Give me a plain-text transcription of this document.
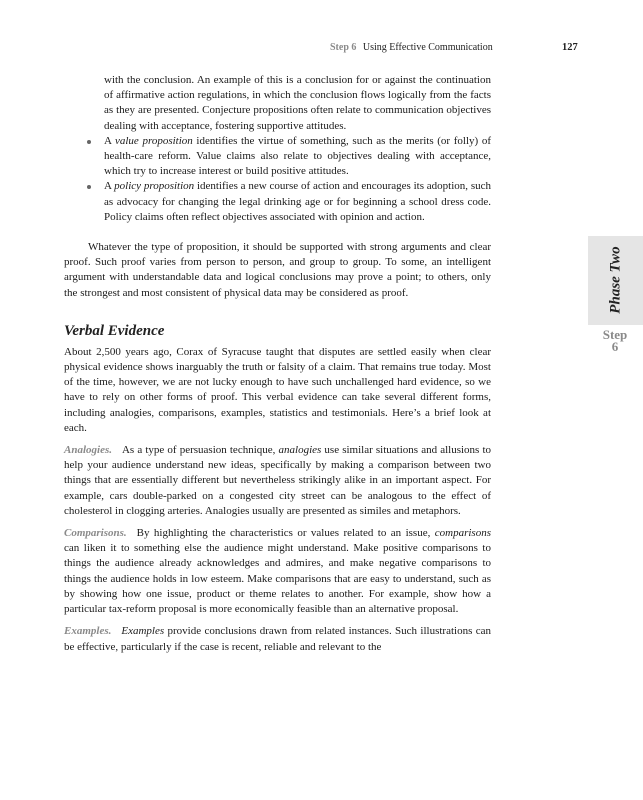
Step 6 Using Effective Communication	127
Phase Two
Step
6

with the conclusion. An example of this is a conclusion for or against the continuation of affirmative action regulations, in which the conclusion flows logically from the facts as they are presented. Conjecture propositions often relate to communication objectives dealing with acceptance, fostering supportive attitudes.

A value proposition identifies the virtue of something, such as the merits (or folly) of health-care reform. Value claims also relate to objectives dealing with acceptance, which try to increase interest or build positive attitudes.
A policy proposition identifies a new course of action and encourages its adoption, such as advocacy for changing the legal drinking age or for beginning a school dress code. Policy claims often reflect objectives associated with opinion and action.

Whatever the type of proposition, it should be supported with strong arguments and clear proof. Such proof varies from person to person, and group to group. To some, an intelligent argument with understandable data and logical conclusions may prove a point; to others, only the strongest and most consistent of physical data may be considered as proof.

Verbal Evidence

About 2,500 years ago, Corax of Syracuse taught that disputes are settled easily when clear physical evidence shows inarguably the truth or falsity of a claim. That remains true today. Most of the time, however, we are not lucky enough to have such unchallenged hard evidence, so we have to rely on other forms of proof. This verbal evidence can take several different forms, including analogies, comparisons, examples, statistics and testimonials. Here’s a brief look at each.

Analogies. As a type of persuasion technique, analogies use similar situations and allusions to help your audience understand new ideas, specifically by making a comparison between two things that are essentially different but nevertheless strikingly alike in an important aspect. For example, cars double-parked on a congested city street can be analogous to the effect of cholesterol in clogging arteries. Analogies usually are presented as similes and metaphors.

Comparisons. By highlighting the characteristics or values related to an issue, comparisons can liken it to something else the audience might understand. Make positive comparisons to things the audience already acknowledges and admires, and make negative comparisons to things the audience holds in low esteem. Make comparisons that are easy to understand, such as by showing how one issue, product or theme relates to another. For example, show how a particular tax-reform proposal is more economically feasible than an alternative proposal.

Examples. Examples provide conclusions drawn from related instances. Such illustrations can be effective, particularly if the case is recent, reliable and relevant to the
